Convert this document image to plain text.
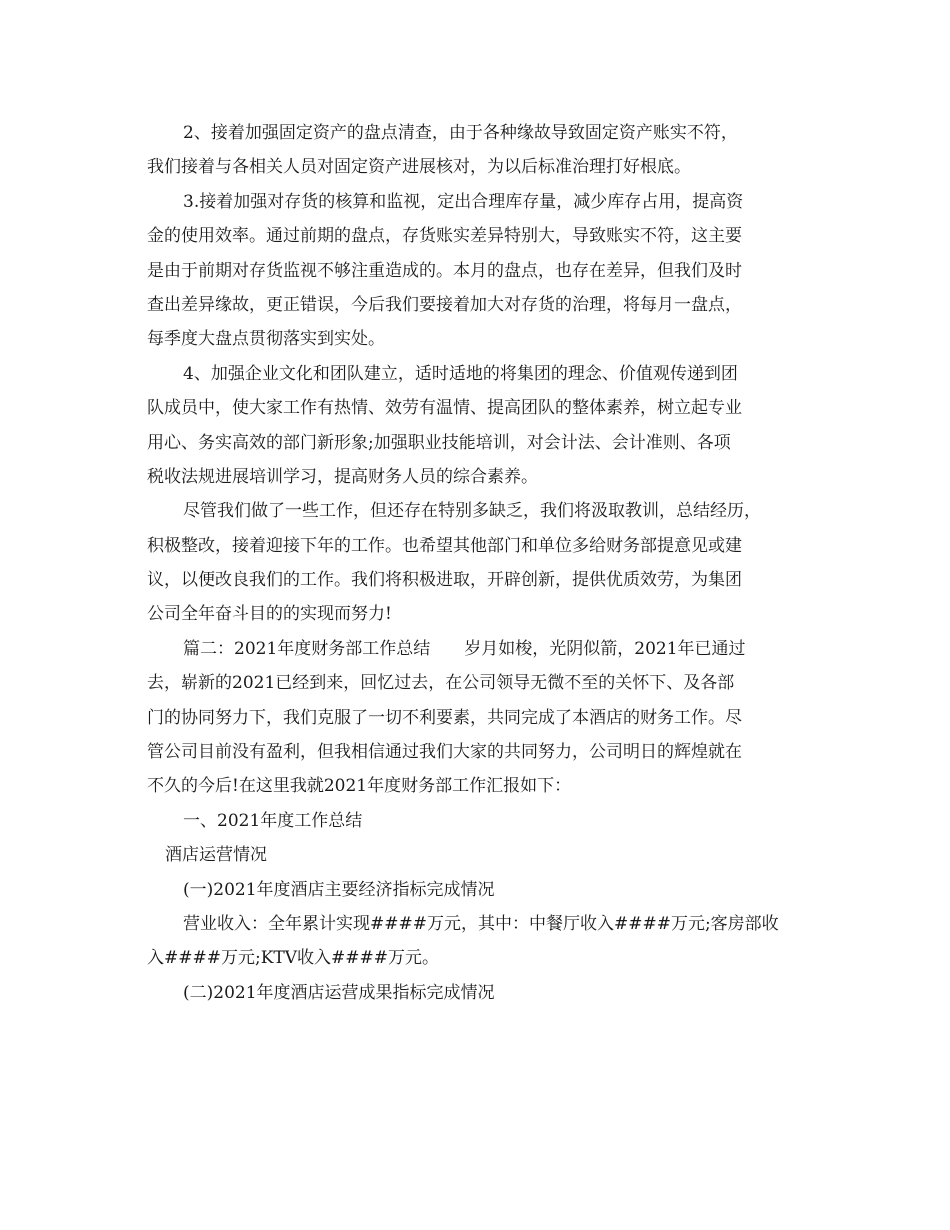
2、接着加强固定资产的盘点清查，由于各种缘故导致固定资产账实不符，
我们接着与各相关人员对固定资产进展核对，为以后标准治理打好根底。
3.接着加强对存货的核算和监视，定出合理库存量，减少库存占用，提高资
金的使用效率。通过前期的盘点，存货账实差异特别大，导致账实不符，这主要
是由于前期对存货监视不够注重造成的。本月的盘点，也存在差异，但我们及时
查出差异缘故，更正错误，今后我们要接着加大对存货的治理，将每月一盘点，
每季度大盘点贯彻落实到实处。
4、加强企业文化和团队建立，适时适地的将集团的理念、价值观传递到团
队成员中，使大家工作有热情、效劳有温情、提高团队的整体素养，树立起专业
用心、务实高效的部门新形象;加强职业技能培训，对会计法、会计准则、各项
税收法规进展培训学习，提高财务人员的综合素养。
尽管我们做了一些工作，但还存在特别多缺乏，我们将汲取教训，总结经历，
积极整改，接着迎接下年的工作。也希望其他部门和单位多给财务部提意见或建
议，以便改良我们的工作。我们将积极进取，开辟创新，提供优质效劳，为集团
公司全年奋斗目的的实现而努力!
篇二：2021年度财务部工作总结　　岁月如梭，光阴似箭，2021年已通过
去，崭新的2021已经到来，回忆过去，在公司领导无微不至的关怀下、及各部
门的协同努力下，我们克服了一切不利要素，共同完成了本酒店的财务工作。尽
管公司目前没有盈利，但我相信通过我们大家的共同努力，公司明日的辉煌就在
不久的今后!在这里我就2021年度财务部工作汇报如下：
一、2021年度工作总结
酒店运营情况
(一)2021年度酒店主要经济指标完成情况
营业收入：全年累计实现####万元，其中：中餐厅收入####万元;客房部收
入####万元;KTV收入####万元。
(二)2021年度酒店运营成果指标完成情况
